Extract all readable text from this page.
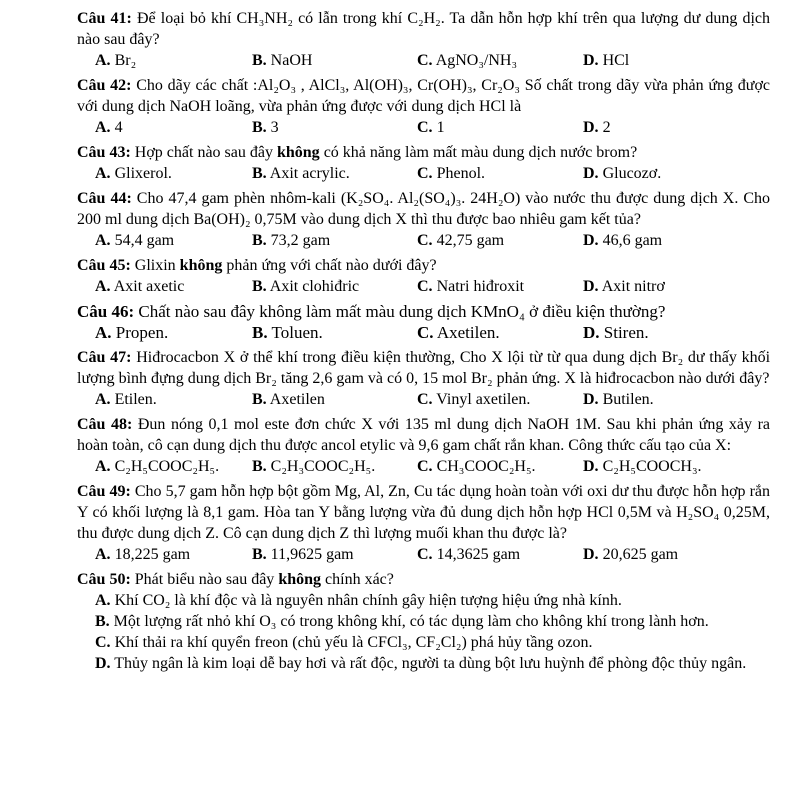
Câu 41: Để loại bỏ khí CH₃NH₂ có lẫn trong khí C₂H₂. Ta dẫn hỗn hợp khí trên qua lượng dư dung dịch nào sau đây?

A. Br₂	B. NaOH	C. AgNO₃/NH₃	D. HCl

Câu 42: Cho dãy các chất :Al₂O₃ , AlCl₃, Al(OH)₃, Cr(OH)₃, Cr₂O₃ Số chất trong dãy vừa phản ứng được với dung dịch NaOH loãng, vừa phản ứng được với dung dịch HCl là

A. 4	B. 3	C. 1	D. 2

Câu 43: Hợp chất nào sau đây không có khả năng làm mất màu dung dịch nước brom?

A. Glixerol.	B. Axit acrylic.	C. Phenol.	D. Glucozơ.

Câu 44: Cho 47,4 gam phèn nhôm-kali (K₂SO₄. Al₂(SO₄)₃. 24H₂O) vào nước thu được dung dịch X. Cho 200 ml dung dịch Ba(OH)₂ 0,75M vào dung dịch X thì thu được bao nhiêu gam kết tủa?

A. 54,4 gam	B. 73,2 gam	C. 42,75 gam	D. 46,6 gam

Câu 45: Glixin không phản ứng với chất nào dưới đây?

A. Axit axetic	B. Axit clohiđric	C. Natri hiđroxit	D. Axit nitrơ

Câu 46: Chất nào sau đây không làm mất màu dung dịch KMnO₄ ở điều kiện thường?

A. Propen.	B. Toluen.	C. Axetilen.	D. Stiren.

Câu 47: Hiđrocacbon X ở thể khí trong điều kiện thường, Cho X lội từ từ qua dung dịch Br₂ dư thấy khối lượng bình đựng dung dịch Br₂ tăng 2,6 gam và có 0, 15 mol Br₂ phản ứng. X là hiđrocacbon nào dưới đây?

A. Etilen.	B. Axetilen	C. Vinyl axetilen.	D. Butilen.

Câu 48: Đun nóng 0,1 mol este đơn chức X với 135 ml dung dịch NaOH 1M. Sau khi phản ứng xảy ra hoàn toàn, cô cạn dung dịch thu được ancol etylic và 9,6 gam chất rắn khan. Công thức cấu tạo của X:

A. C₂H₅COOC₂H₅. B. C₂H₃COOC₂H₅.	C. CH₃COOC₂H₅.	D. C₂H₅COOCH₃.

Câu 49: Cho 5,7 gam hỗn hợp bột gồm Mg, Al, Zn, Cu tác dụng hoàn toàn với oxi dư thu được hỗn hợp rắn Y có khối lượng là 8,1 gam. Hòa tan Y bằng lượng vừa đủ dung dịch hỗn hợp HCl 0,5M và H₂SO₄ 0,25M, thu được dung dịch Z. Cô cạn dung dịch Z thì lượng muối khan thu được là?

A. 18,225 gam	B. 11,9625 gam	C. 14,3625 gam	D. 20,625 gam

Câu 50: Phát biểu nào sau đây không chính xác?

A. Khí CO₂ là khí độc và là nguyên nhân chính gây hiện tượng hiệu ứng nhà kính.

B. Một lượng rất nhỏ khí O₃ có trong không khí, có tác dụng làm cho không khí trong lành hơn.

C. Khí thải ra khí quyển freon (chủ yếu là CFCl₃, CF₂Cl₂) phá hủy tầng ozon.

D. Thủy ngân là kim loại dễ bay hơi và rất độc, người ta dùng bột lưu huỳnh để phòng độc thủy ngân.
